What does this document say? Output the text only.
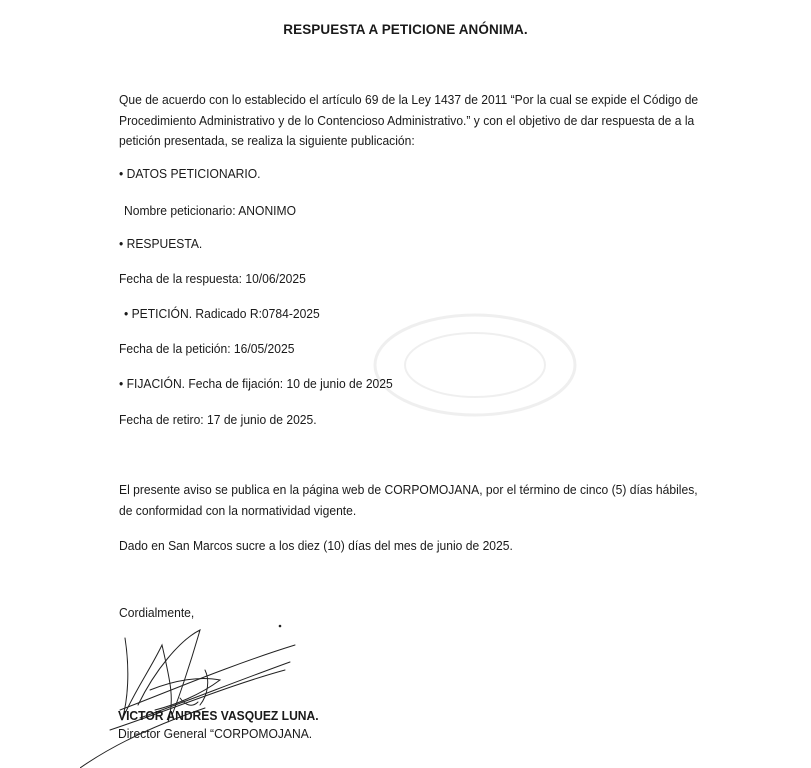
RESPUESTA A PETICIONE ANÓNIMA.
Que de acuerdo con lo establecido el artículo 69 de la Ley 1437 de 2011 “Por la cual se expide el Código de Procedimiento Administrativo y de lo Contencioso Administrativo.” y con el objetivo de dar respuesta de a la petición presentada, se realiza la siguiente publicación:
• DATOS PETICIONARIO.
Nombre peticionario: ANONIMO
• RESPUESTA.
Fecha de la respuesta: 10/06/2025
• PETICIÓN. Radicado R:0784-2025
Fecha de la petición: 16/05/2025
• FIJACIÓN. Fecha de fijación: 10 de junio de 2025
Fecha de retiro: 17 de junio de 2025.
El presente aviso se publica en la página web de CORPOMOJANA, por el término de cinco (5) días hábiles, de conformidad con la normatividad vigente.
Dado en San Marcos sucre a los diez (10) días del mes de junio de 2025.
Cordialmente,
VICTOR ANDRES VASQUEZ LUNA.
Director General “CORPOMOJANA.
